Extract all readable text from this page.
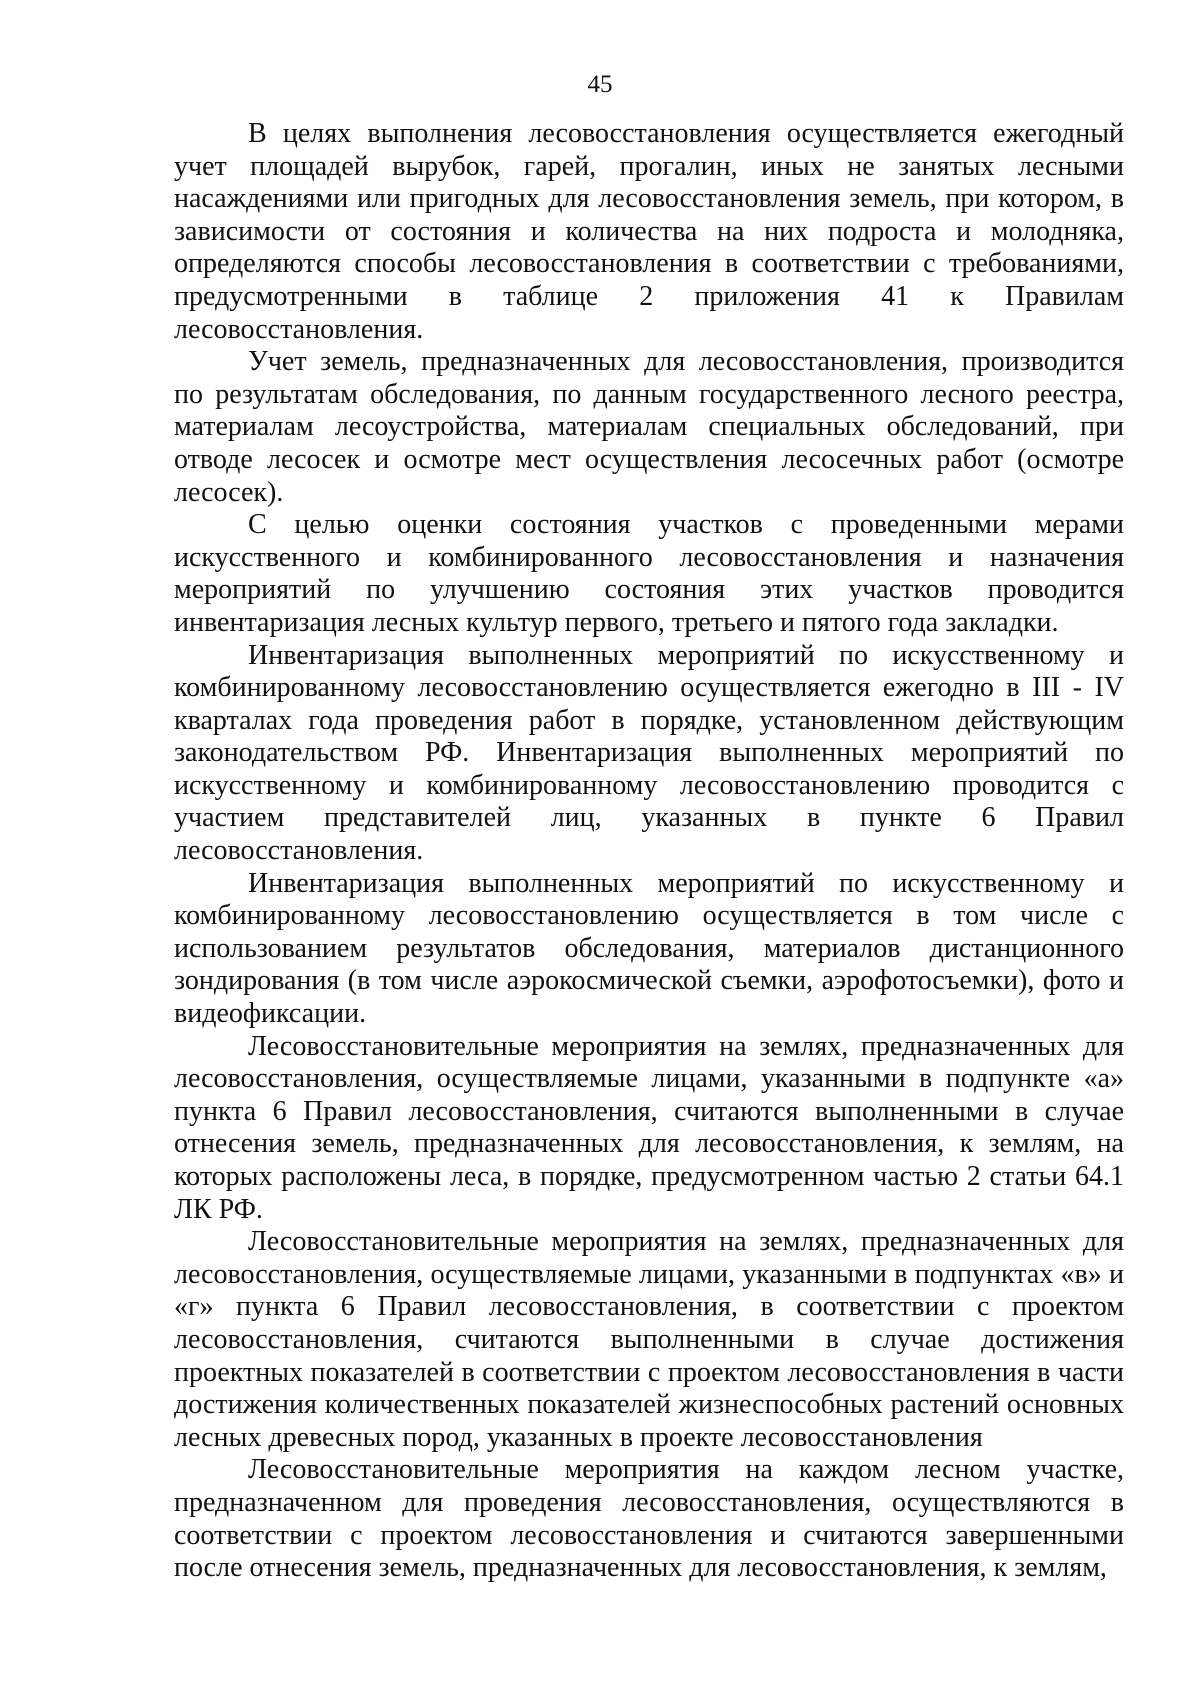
45

В целях выполнения лесовосстановления осуществляется ежегодный учет площадей вырубок, гарей, прогалин, иных не занятых лесными насаждениями или пригодных для лесовосстановления земель, при котором, в зависимости от состояния и количества на них подроста и молодняка, определяются способы лесовосстановления в соответствии с требованиями, предусмотренными в таблице 2 приложения 41 к Правилам лесовосстановления.

Учет земель, предназначенных для лесовосстановления, производится по результатам обследования, по данным государственного лесного реестра, материалам лесоустройства, материалам специальных обследований, при отводе лесосек и осмотре мест осуществления лесосечных работ (осмотре лесосек).

С целью оценки состояния участков с проведенными мерами искусственного и комбинированного лесовосстановления и назначения мероприятий по улучшению состояния этих участков проводится инвентаризация лесных культур первого, третьего и пятого года закладки.

Инвентаризация выполненных мероприятий по искусственному и комбинированному лесовосстановлению осуществляется ежегодно в III - IV кварталах года проведения работ в порядке, установленном действующим законодательством РФ. Инвентаризация выполненных мероприятий по искусственному и комбинированному лесовосстановлению проводится с участием представителей лиц, указанных в пункте 6 Правил лесовосстановления.

Инвентаризация выполненных мероприятий по искусственному и комбинированному лесовосстановлению осуществляется в том числе с использованием результатов обследования, материалов дистанционного зондирования (в том числе аэрокосмической съемки, аэрофотосъемки), фото и видеофиксации.

Лесовосстановительные мероприятия на землях, предназначенных для лесовосстановления, осуществляемые лицами, указанными в подпункте «а» пункта 6 Правил лесовосстановления, считаются выполненными в случае отнесения земель, предназначенных для лесовосстановления, к землям, на которых расположены леса, в порядке, предусмотренном частью 2 статьи 64.1 ЛК РФ.

Лесовосстановительные мероприятия на землях, предназначенных для лесовосстановления, осуществляемые лицами, указанными в подпунктах «в» и «г» пункта 6 Правил лесовосстановления, в соответствии с проектом лесовосстановления, считаются выполненными в случае достижения проектных показателей в соответствии с проектом лесовосстановления в части достижения количественных показателей жизнеспособных растений основных лесных древесных пород, указанных в проекте лесовосстановления

Лесовосстановительные мероприятия на каждом лесном участке, предназначенном для проведения лесовосстановления, осуществляются в соответствии с проектом лесовосстановления и считаются завершенными после отнесения земель, предназначенных для лесовосстановления, к землям,
